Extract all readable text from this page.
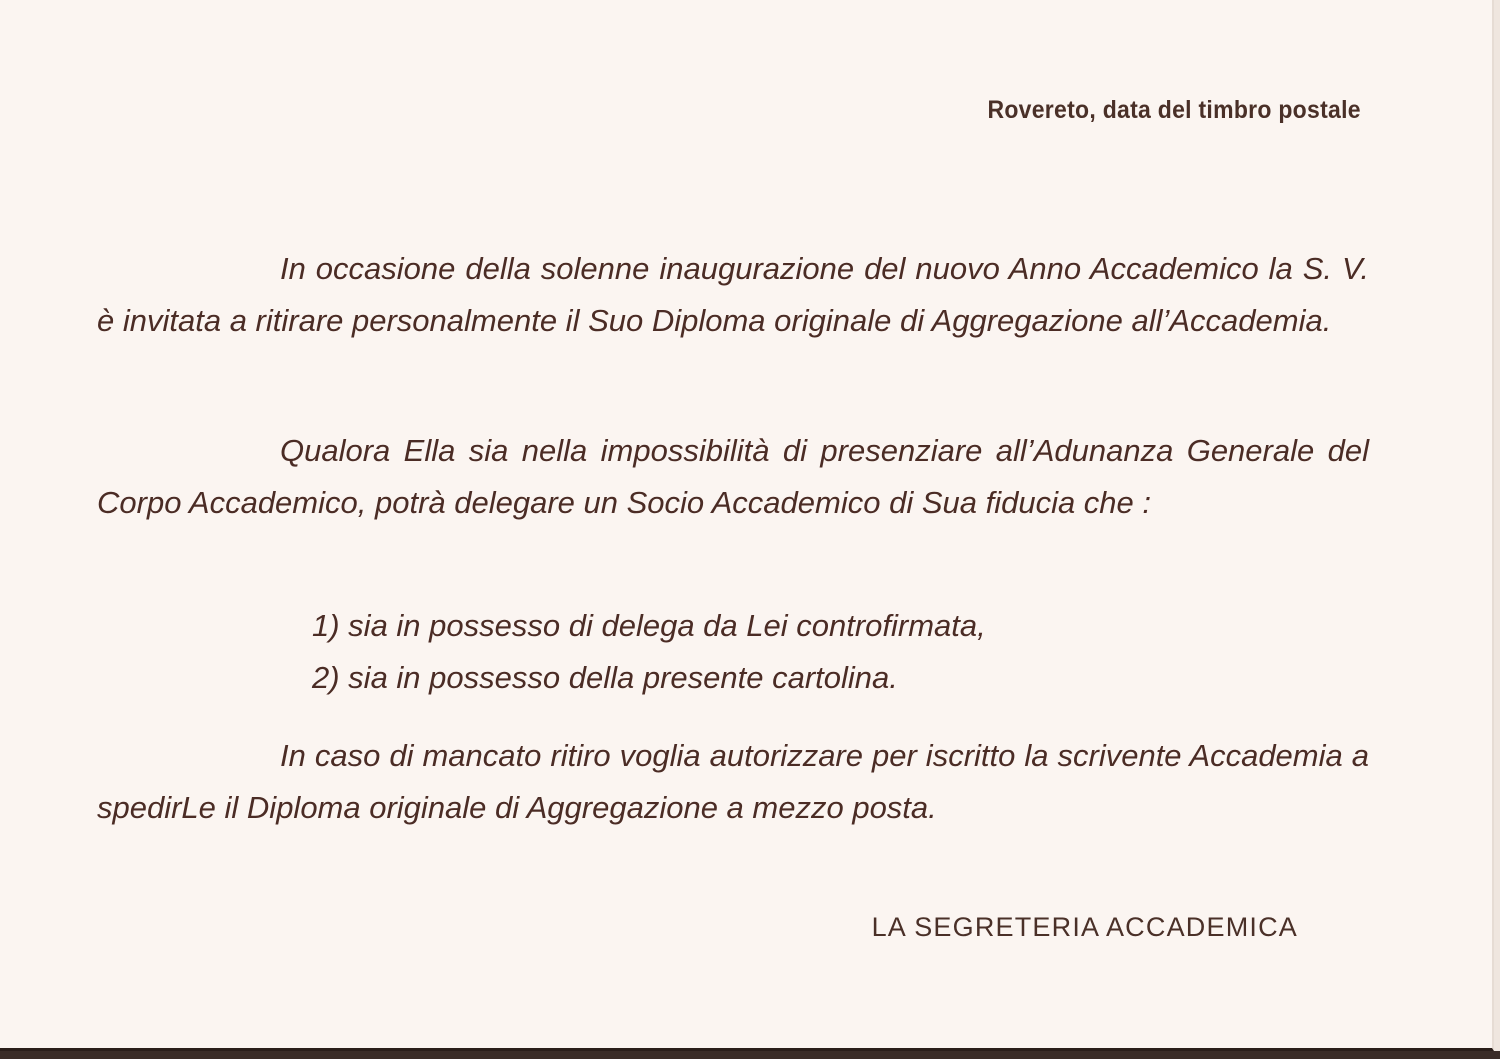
Rovereto, data del timbro postale

In occasione della solenne inaugurazione del nuovo Anno Accademico la S. V. è invitata a ritirare personalmente il Suo Diploma originale di Aggregazione all’Accademia.

Qualora Ella sia nella impossibilità di presenziare all’Adunanza Generale del Corpo Accademico, potrà delegare un Socio Accademico di Sua fiducia che :

1) sia in possesso di delega da Lei controfirmata,
2) sia in possesso della presente cartolina.

In caso di mancato ritiro voglia autorizzare per iscritto la scrivente Accademia a spedirLe il Diploma originale di Aggregazione a mezzo posta.

LA SEGRETERIA ACCADEMICA
